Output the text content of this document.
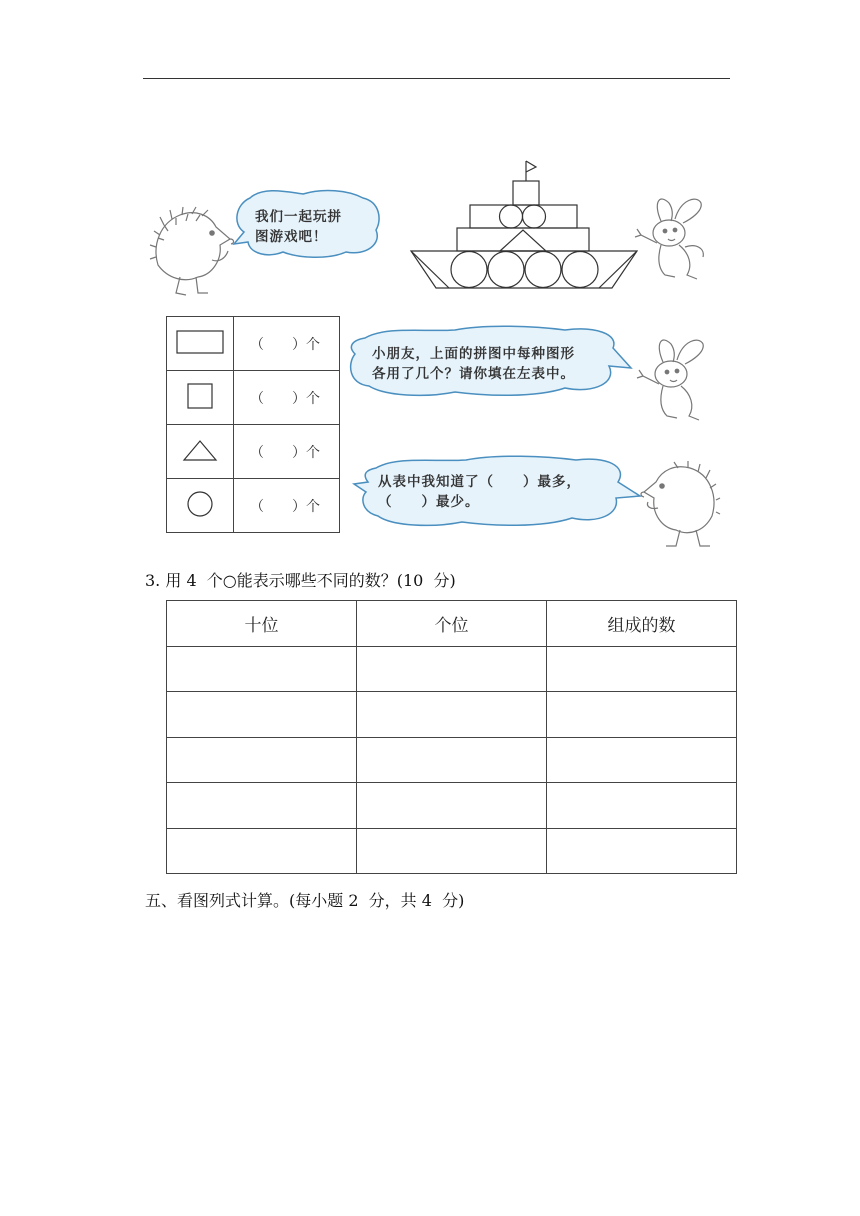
我们一起玩拼
图游戏吧！
	（　　）个
	（　　）个
	（　　）个
	（　　）个
小朋友，上面的拼图中每种图形
各用了几个？请你填在左表中。
从表中我知道了（　　）最多，
（　　）最少。
3. 用 4  个○能表示哪些不同的数？(10  分)
十位	个位	组成的数

五、看图列式计算。(每小题 2  分，共 4  分)
